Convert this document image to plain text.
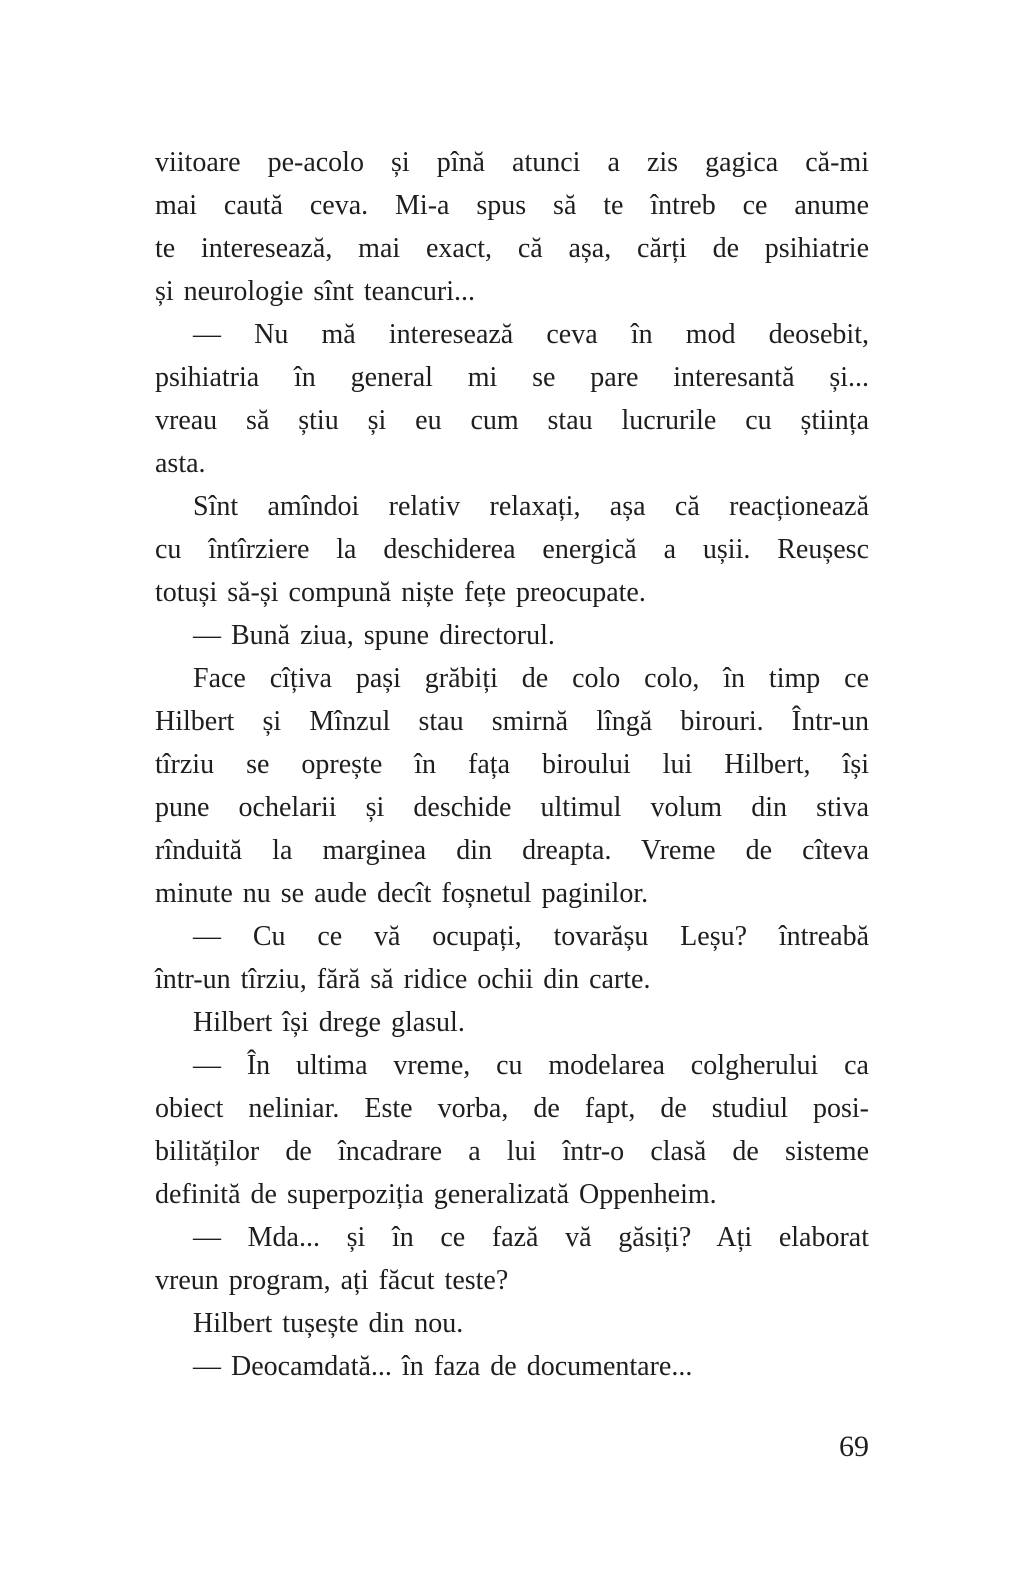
viitoare pe-acolo și pînă atunci a zis gagica că-mi
mai caută ceva. Mi-a spus să te întreb ce anume
te interesează, mai exact, că așa, cărți de psihiatrie
și neurologie sînt teancuri...
— Nu mă interesează ceva în mod deosebit,
psihiatria în general mi se pare interesantă și...
vreau să știu și eu cum stau lucrurile cu știința
asta.
Sînt amîndoi relativ relaxați, așa că reacționează
cu întîrziere la deschiderea energică a ușii. Reușesc
totuși să-și compună niște fețe preocupate.
— Bună ziua, spune directorul.
Face cîțiva pași grăbiți de colo colo, în timp ce
Hilbert și Mînzul stau smirnă lîngă birouri. Într-un
tîrziu se oprește în fața biroului lui Hilbert, își
pune ochelarii și deschide ultimul volum din stiva
rînduită la marginea din dreapta. Vreme de cîteva
minute nu se aude decît foșnetul paginilor.
— Cu ce vă ocupați, tovarășu Leșu? întreabă
într-un tîrziu, fără să ridice ochii din carte.
Hilbert își drege glasul.
— În ultima vreme, cu modelarea colgherului ca
obiect neliniar. Este vorba, de fapt, de studiul posi-
bilităților de încadrare a lui într-o clasă de sisteme
definită de superpoziția generalizată Oppenheim.
— Mda... și în ce fază vă găsiți? Ați elaborat
vreun program, ați făcut teste?
Hilbert tușește din nou.
— Deocamdată... în faza de documentare...
69
